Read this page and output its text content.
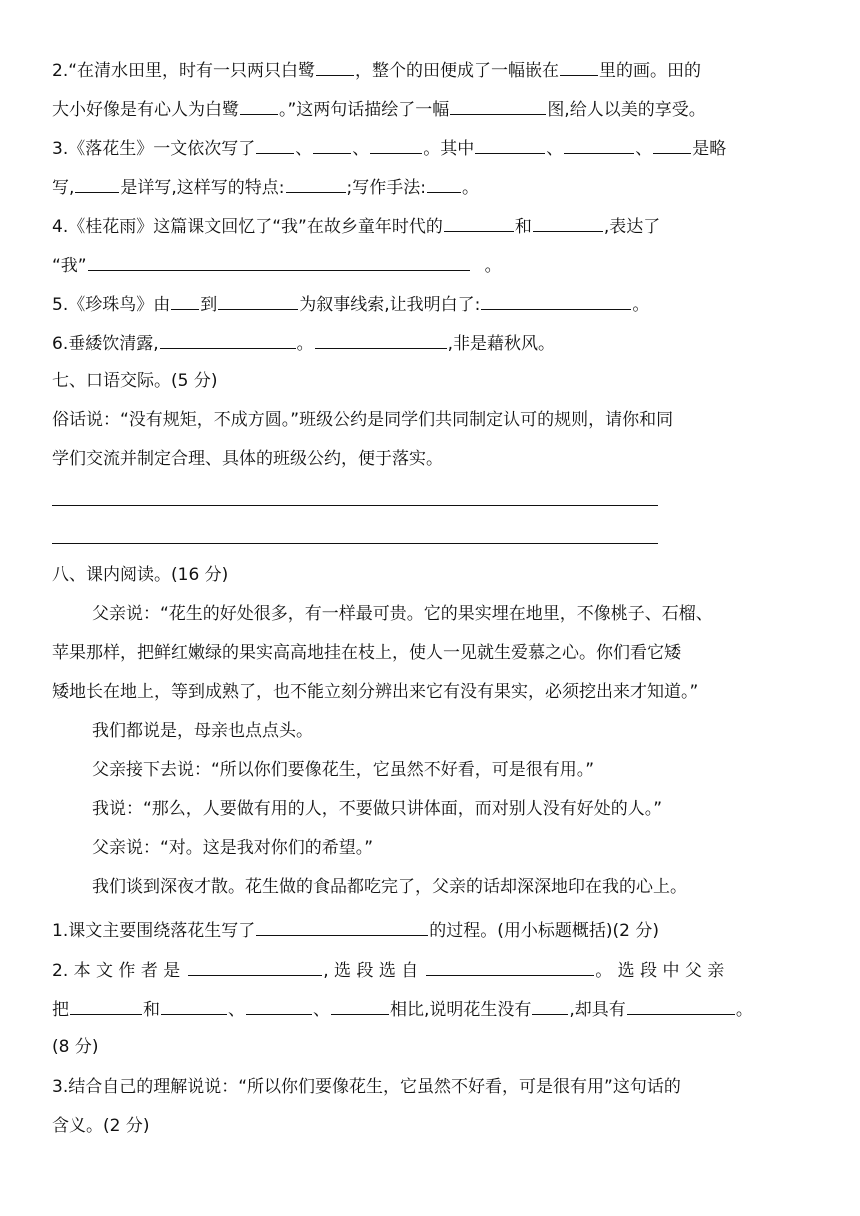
2.“在清水田里，时有一只两只白鹭 ，整个的田便成了一幅嵌在 里的画。田的
大小好像是有心人为白鹭 。”这两句话描绘了一幅	图,给人以美的享受。
3.《落花生》一文依次写了 、 、	。其中	、	、 是略
写,	是详写,这样写的特点:	;写作手法: 。
4.《桂花雨》这篇课文回忆了“我”在故乡童年时代的	和	,表达了
“我”	。
5.《珍珠鸟》由 到	为叙事线索,让我明白了:	。
6.垂緌饮清露,	。	,非是藉秋风。
七、口语交际。(5 分)
俗话说：“没有规矩，不成方圆。”班级公约是同学们共同制定认可的规则，请你和同
学们交流并制定合理、具体的班级公约，便于落实。
八、课内阅读。(16 分)
父亲说：“花生的好处很多，有一样最可贵。它的果实埋在地里，不像桃子、石榴、
苹果那样，把鲜红嫩绿的果实高高地挂在枝上，使人一见就生爱慕之心。你们看它矮
矮地长在地上，等到成熟了，也不能立刻分辨出来它有没有果实，必须挖出来才知道。”
我们都说是，母亲也点点头。
父亲接下去说：“所以你们要像花生，它虽然不好看，可是很有用。”
我说：“那么，人要做有用的人，不要做只讲体面，而对别人没有好处的人。”
父亲说：“对。这是我对你们的希望。”
我们谈到深夜才散。花生做的食品都吃完了，父亲的话却深深地印在我的心上。
1.课文主要围绕落花生写了	的过程。(用小标题概括)(2 分)
2. 本 文 作 者 是	, 选 段 选 自	。 选 段 中 父 亲
把	和	、	、	相比,说明花生没有 ,却具有	。
(8 分)
3.结合自己的理解说说：“所以你们要像花生，它虽然不好看，可是很有用”这句话的
含义。(2 分)
